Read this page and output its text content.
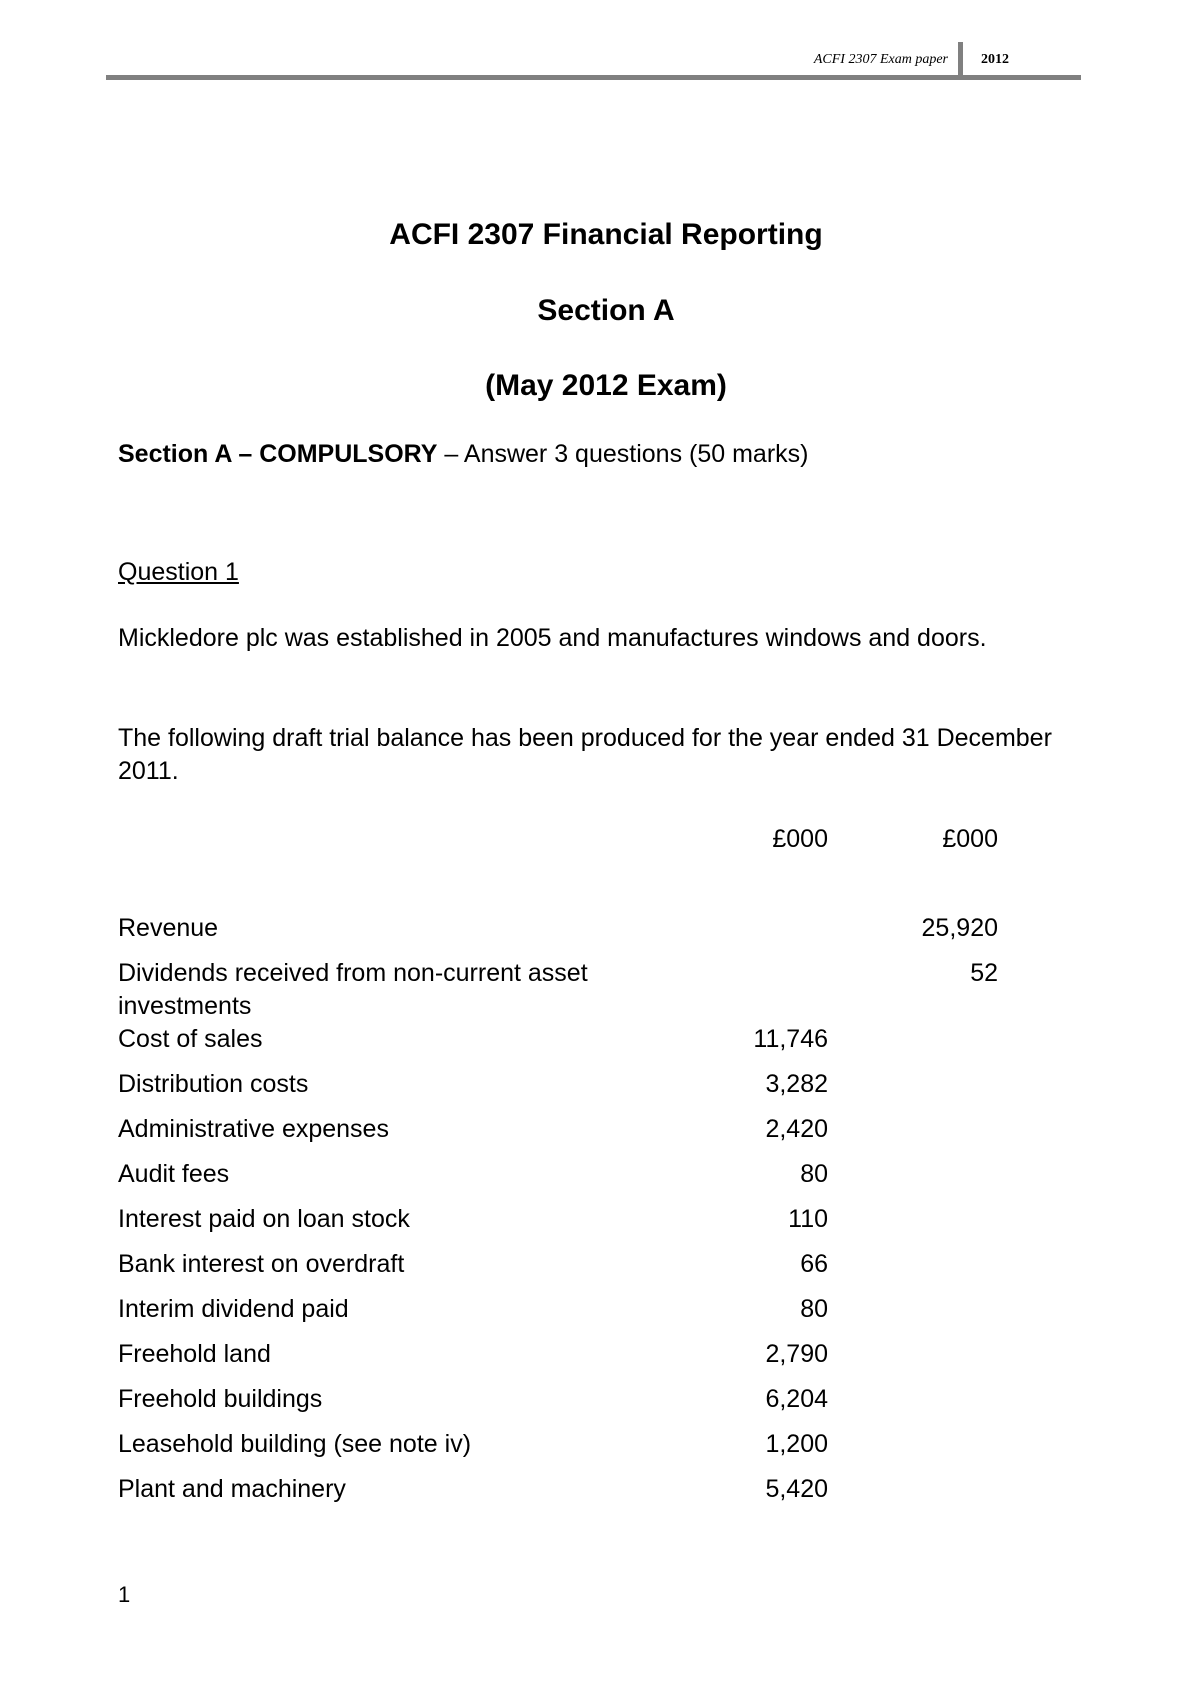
ACFI 2307 Exam paper 2012
ACFI 2307 Financial Reporting
Section A
(May 2012 Exam)
Section A – COMPULSORY – Answer 3 questions (50 marks)
Question 1
Mickledore plc was established in 2005 and manufactures windows and doors.
The following draft trial balance has been produced for the year ended 31 December 2011.
£000	£000
Revenue		25,920
Dividends received from non-current asset investments		52
Cost of sales	11,746	
Distribution costs	3,282	
Administrative expenses	2,420	
Audit fees	80	
Interest paid on loan stock	110	
Bank interest on overdraft	66	
Interim dividend paid	80	
Freehold land	2,790	
Freehold buildings	6,204	
Leasehold building (see note iv)	1,200	
Plant and machinery	5,420	
1
